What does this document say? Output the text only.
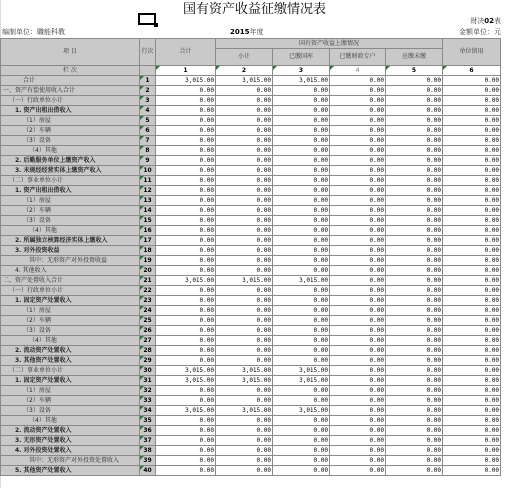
国有资产收益征缴情况表
财决02表
编制单位：職能科教	2015年度	金额单位：元
项 目	行次	合计	国有资产收益上缴情况				单位留用
			小计	已缴国库	已缴财政专户	应缴未缴	
栏 次		1	2	3	4	5	6
合计	1	3,015.00	3,015.00	3,015.00	0.00	0.00	0.00
一、资产有偿使用收入合计	2	0.00	0.00	0.00	0.00	0.00	0.00
（一）行政单位小计	3	0.00	0.00	0.00	0.00	0.00	0.00
1. 资产出租出借收入	4	0.00	0.00	0.00	0.00	0.00	0.00
（1）房屋	5	0.00	0.00	0.00	0.00	0.00	0.00
（2）车辆	6	0.00	0.00	0.00	0.00	0.00	0.00
（3）设备	7	0.00	0.00	0.00	0.00	0.00	0.00
（4）其他	8	0.00	0.00	0.00	0.00	0.00	0.00
2. 后勤服务单位上缴资产收入	9	0.00	0.00	0.00	0.00	0.00	0.00
3. 未规经经营实体上缴资产收入	10	0.00	0.00	0.00	0.00	0.00	0.00
（二）事业单位小计	11	0.00	0.00	0.00	0.00	0.00	0.00
1. 资产出租出借收入	12	0.00	0.00	0.00	0.00	0.00	0.00
（1）房屋	13	0.00	0.00	0.00	0.00	0.00	0.00
（2）车辆	14	0.00	0.00	0.00	0.00	0.00	0.00
（3）设备	15	0.00	0.00	0.00	0.00	0.00	0.00
（4）其他	16	0.00	0.00	0.00	0.00	0.00	0.00
2. 所属独立核算经济实体上缴收入	17	0.00	0.00	0.00	0.00	0.00	0.00
3. 对外投资收益	18	0.00	0.00	0.00	0.00	0.00	0.00
其中：无形资产对外投资收益	19	0.00	0.00	0.00	0.00	0.00	0.00
4. 其他收入	20	0.00	0.00	0.00	0.00	0.00	0.00
二、资产处置收入合计	21	3,015.00	3,015.00	3,015.00	0.00	0.00	0.00
（一）行政单位小计	22	0.00	0.00	0.00	0.00	0.00	0.00
1. 固定资产处置收入	23	0.00	0.00	0.00	0.00	0.00	0.00
（1）房屋	24	0.00	0.00	0.00	0.00	0.00	0.00
（2）车辆	25	0.00	0.00	0.00	0.00	0.00	0.00
（3）设备	26	0.00	0.00	0.00	0.00	0.00	0.00
（4）其他	27	0.00	0.00	0.00	0.00	0.00	0.00
2. 流动资产处置收入	28	0.00	0.00	0.00	0.00	0.00	0.00
3. 其他资产处置收入	29	0.00	0.00	0.00	0.00	0.00	0.00
（二）事业单位小计	30	3,015.00	3,015.00	3,015.00	0.00	0.00	0.00
1. 固定资产处置收入	31	3,015.00	3,015.00	3,015.00	0.00	0.00	0.00
（1）房屋	32	0.00	0.00	0.00	0.00	0.00	0.00
（2）车辆	33	0.00	0.00	0.00	0.00	0.00	0.00
（3）设备	34	3,015.00	3,015.00	3,015.00	0.00	0.00	0.00
（4）其他	35	0.00	0.00	0.00	0.00	0.00	0.00
2. 流动资产处置收入	36	0.00	0.00	0.00	0.00	0.00	0.00
3. 无形资产处置收入	37	0.00	0.00	0.00	0.00	0.00	0.00
4. 对外投资处置收入	38	0.00	0.00	0.00	0.00	0.00	0.00
其中：无形资产对外投资处置收入	39	0.00	0.00	0.00	0.00	0.00	0.00
5. 其他资产处置收入	40	0.00	0.00	0.00	0.00	0.00	0.00
